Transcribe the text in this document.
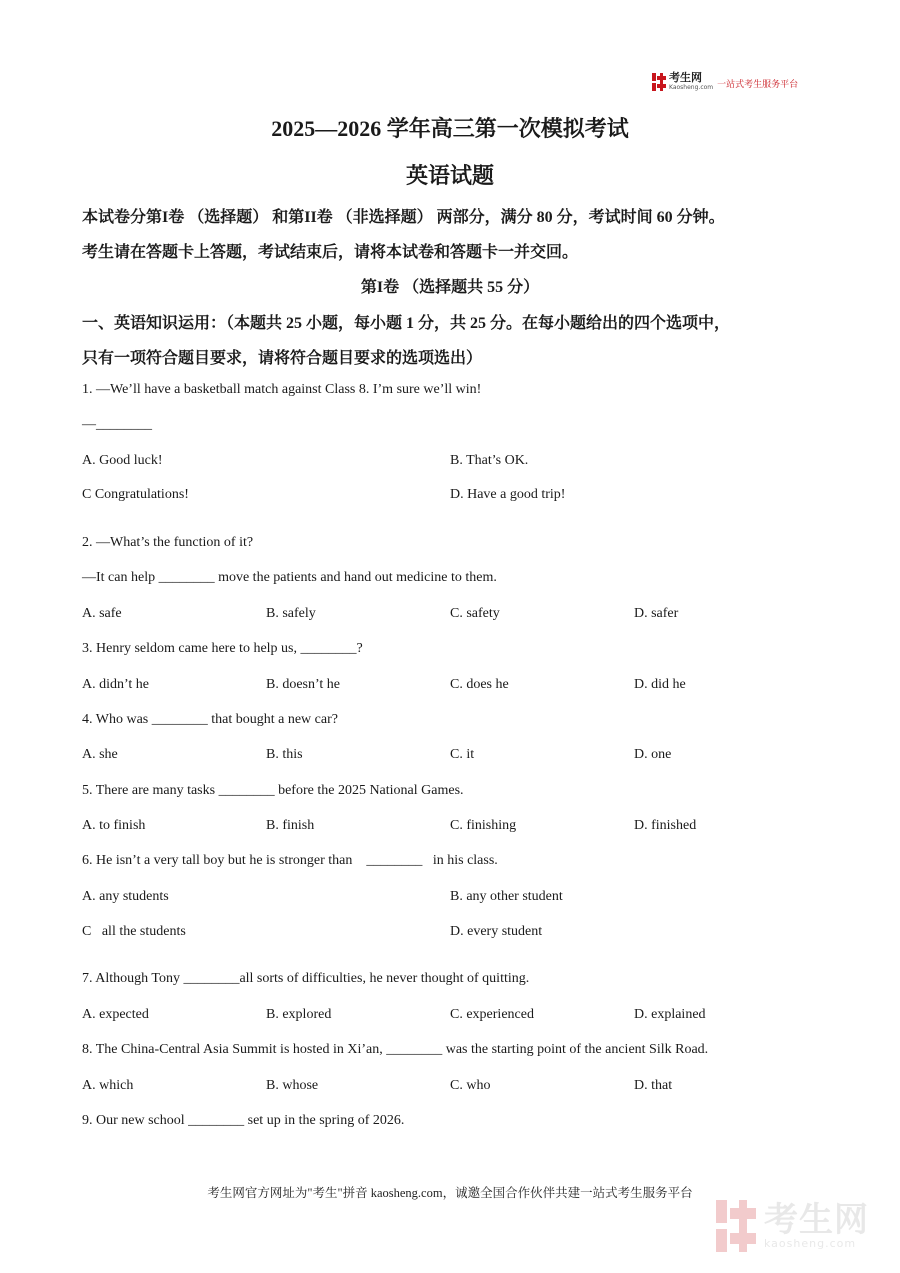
考生网
Kaosheng.com 一站式考生服务平台
2025—2026 学年高三第一次模拟考试
英语试题
本试卷分第I卷 （选择题） 和第II卷 （非选择题） 两部分，满分 80 分，考试时间 60 分钟。
考生请在答题卡上答题，考试结束后，请将本试卷和答题卡一并交回。
第I卷 （选择题共 55 分）
一、英语知识运用：（本题共 25 小题，每小题 1 分，共 25 分。在每小题给出的四个选项中，
只有一项符合题目要求，请将符合题目要求的选项选出）
1. —We’ll have a basketball match against Class 8. I’m sure we’ll win!
—________
A. Good luck!	B. That’s OK.
C Congratulations!	D. Have a good trip!
2. —What’s the function of it?
—It can help ________ move the patients and hand out medicine to them.
A. safe	B. safely	C. safety	D. safer
3. Henry seldom came here to help us, ________?
A. didn’t he	B. doesn’t he	C. does he	D. did he
4. Who was ________ that bought a new car?
A. she	B. this	C. it	D. one
5. There are many tasks ________ before the 2025 National Games.
A. to finish	B. finish	C. finishing	D. finished
6. He isn’t a very tall boy but he is stronger than    ________   in his class.
A. any students	B. any other student
C   all the students	D. every student
7. Although Tony ________all sorts of difficulties, he never thought of quitting.
A. expected	B. explored	C. experienced	D. explained
8. The China-Central Asia Summit is hosted in Xi’an, ________ was the starting point of the ancient Silk Road.
A. which	B. whose	C. who	D. that
9. Our new school ________ set up in the spring of 2026.
考生网官方网址为"考生"拼音 kaosheng.com，诚邀全国合作伙伴共建一站式考生服务平台
考生网
kaosheng.com
